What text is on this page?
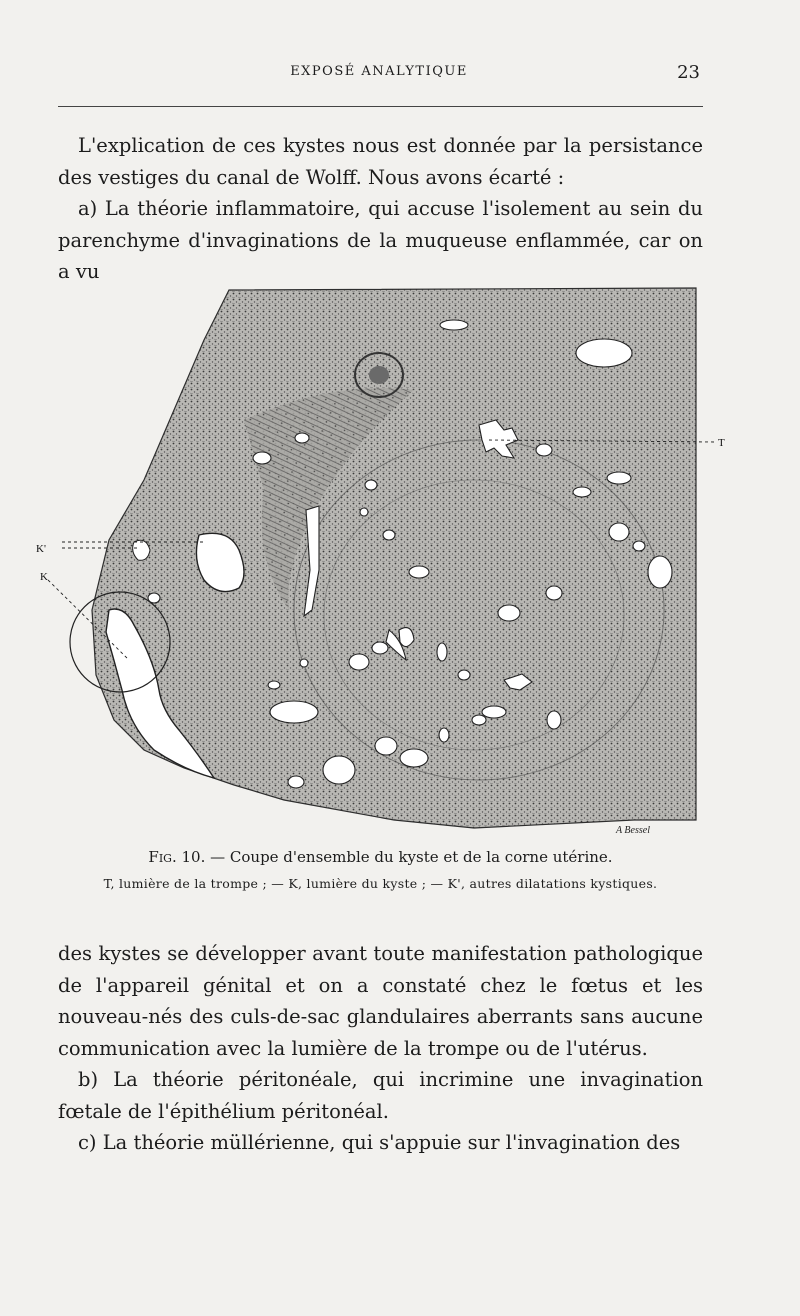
EXPOSÉ ANALYTIQUE	23

L'explication de ces kystes nous est donnée par la persistance des vestiges du canal de Wolff. Nous avons écarté :

a) La théorie inflammatoire, qui accuse l'isolement au sein du parenchyme d'invaginations de la muqueuse enflammée, car on a vu

T
K'
K
A Bessel
Fig. 10. — Coupe d'ensemble du kyste et de la corne utérine.
T, lumière de la trompe ; — K, lumière du kyste ; — K', autres dilatations kystiques.

des kystes se développer avant toute manifestation pathologique de l'appareil génital et on a constaté chez le fœtus et les nouveau-nés des culs-de-sac glandulaires aberrants sans aucune communication avec la lumière de la trompe ou de l'utérus.

b) La théorie péritonéale, qui incrimine une invagination fœtale de l'épithélium péritonéal.

c) La théorie müllérienne, qui s'appuie sur l'invagination des
